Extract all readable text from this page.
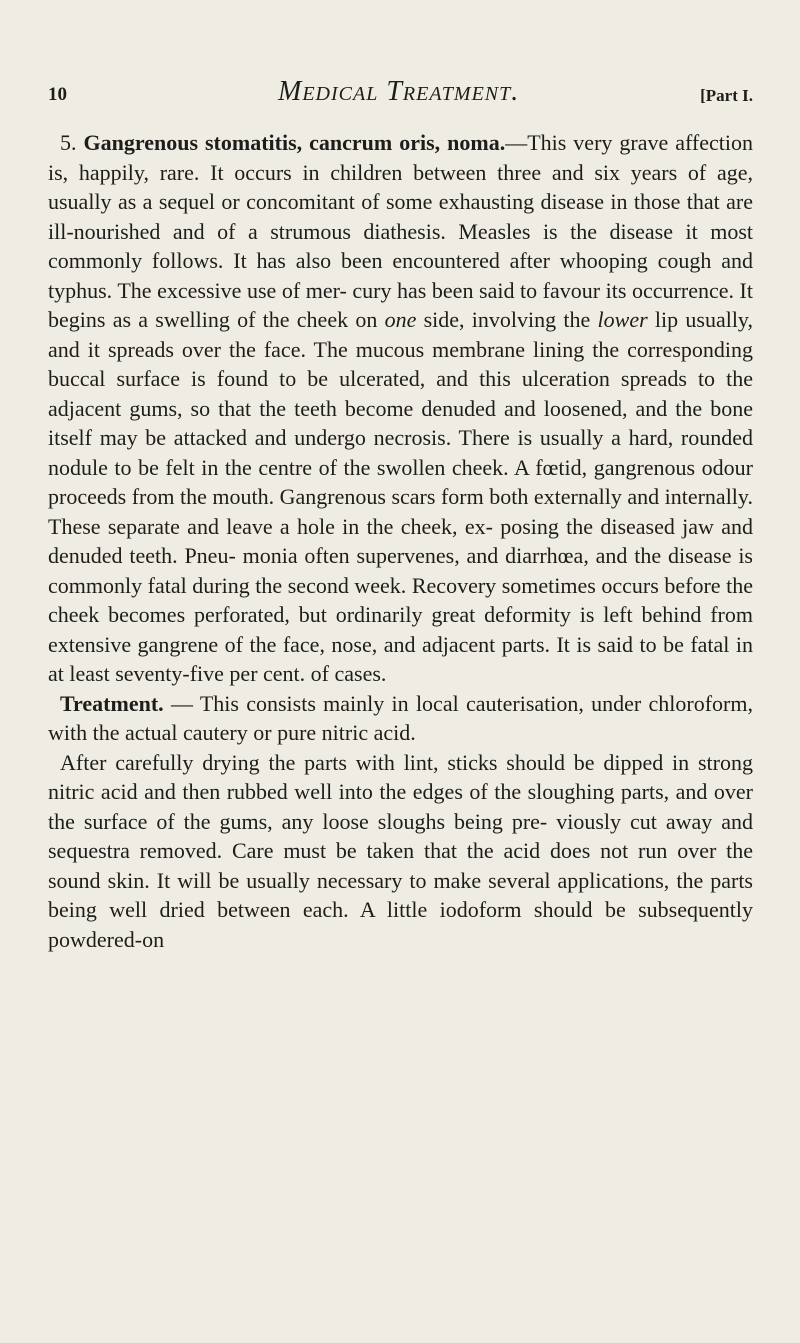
10	Medical Treatment.	[Part I.

5. Gangrenous stomatitis, cancrum oris, noma.—This very grave affection is, happily, rare. It occurs in children between three and six years of age, usually as a sequel or concomitant of some exhausting disease in those that are ill-nourished and of a strumous diathesis. Measles is the disease it most commonly follows. It has also been encountered after whooping cough and typhus. The excessive use of mer- cury has been said to favour its occurrence. It begins as a swelling of the cheek on one side, involving the lower lip usually, and it spreads over the face. The mucous membrane lining the corresponding buccal surface is found to be ulcerated, and this ulceration spreads to the adjacent gums, so that the teeth become denuded and loosened, and the bone itself may be attacked and undergo necrosis. There is usually a hard, rounded nodule to be felt in the centre of the swollen cheek. A fœtid, gangrenous odour proceeds from the mouth. Gangrenous scars form both externally and internally. These separate and leave a hole in the cheek, ex- posing the diseased jaw and denuded teeth. Pneu- monia often supervenes, and diarrhœa, and the disease is commonly fatal during the second week. Recovery sometimes occurs before the cheek becomes perforated, but ordinarily great deformity is left behind from extensive gangrene of the face, nose, and adjacent parts. It is said to be fatal in at least seventy-five per cent. of cases.

Treatment. — This consists mainly in local cauterisation, under chloroform, with the actual cautery or pure nitric acid.

After carefully drying the parts with lint, sticks should be dipped in strong nitric acid and then rubbed well into the edges of the sloughing parts, and over the surface of the gums, any loose sloughs being pre- viously cut away and sequestra removed. Care must be taken that the acid does not run over the sound skin. It will be usually necessary to make several applications, the parts being well dried between each. A little iodoform should be subsequently powdered-on
